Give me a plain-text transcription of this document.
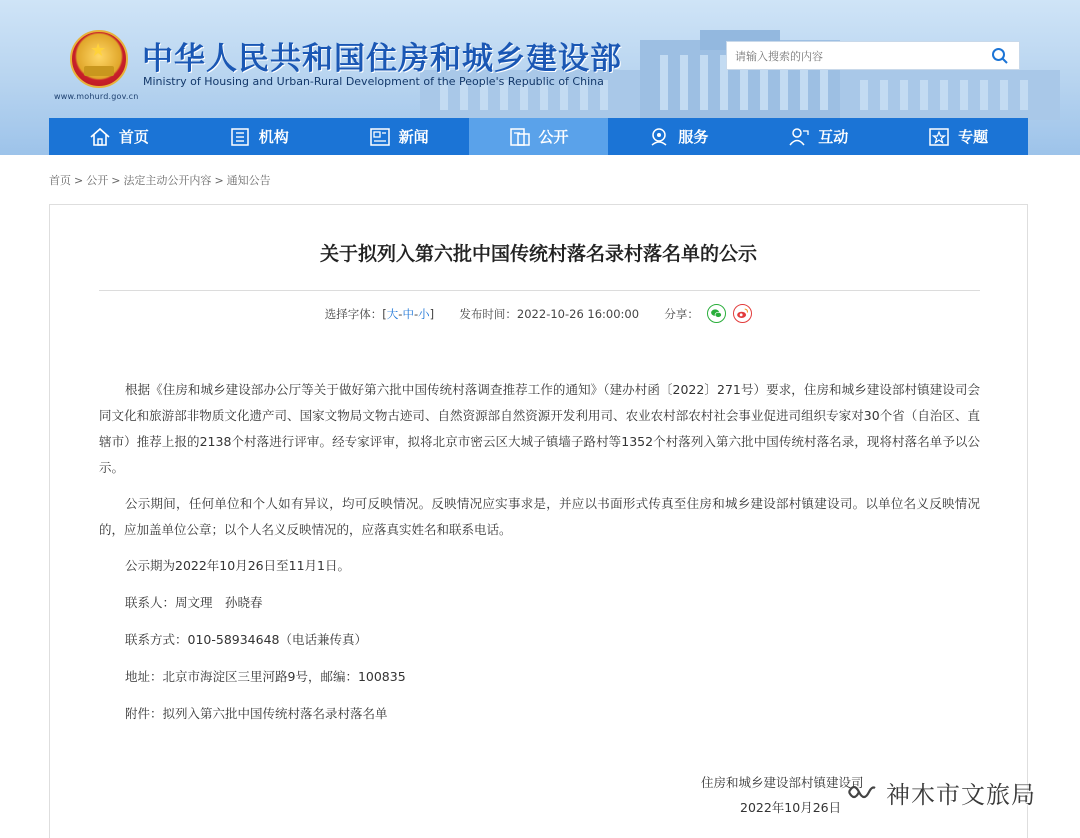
★
www.mohurd.gov.cn
中华人民共和国住房和城乡建设部
Ministry of Housing and Urban-Rural Development of the People's Republic of China
请输入搜索的内容
首页	机构	新闻	公开	服务	互动	专题
首页 > 公开 > 法定主动公开内容 > 通知公告
关于拟列入第六批中国传统村落名录村落名单的公示
选择字体：[大-中-小] 发布时间：2022-10-26 16:00:00 分享：

根据《住房和城乡建设部办公厅等关于做好第六批中国传统村落调查推荐工作的通知》（建办村函〔2022〕271号）要求，住房和城乡建设部村镇建设司会同文化和旅游部非物质文化遗产司、国家文物局文物古迹司、自然资源部自然资源开发利用司、农业农村部农村社会事业促进司组织专家对30个省（自治区、直辖市）推荐上报的2138个村落进行评审。经专家评审，拟将北京市密云区大城子镇墙子路村等1352个村落列入第六批中国传统村落名录，现将村落名单予以公示。

公示期间，任何单位和个人如有异议，均可反映情况。反映情况应实事求是，并应以书面形式传真至住房和城乡建设部村镇建设司。以单位名义反映情况的，应加盖单位公章；以个人名义反映情况的，应落真实姓名和联系电话。

公示期为2022年10月26日至11月1日。

联系人：周文理　孙晓春

联系方式：010-58934648（电话兼传真）

地址：北京市海淀区三里河路9号，邮编：100835

附件：拟列入第六批中国传统村落名录村落名单

住房和城乡建设部村镇建设司
2022年10月26日 神木市文旅局
